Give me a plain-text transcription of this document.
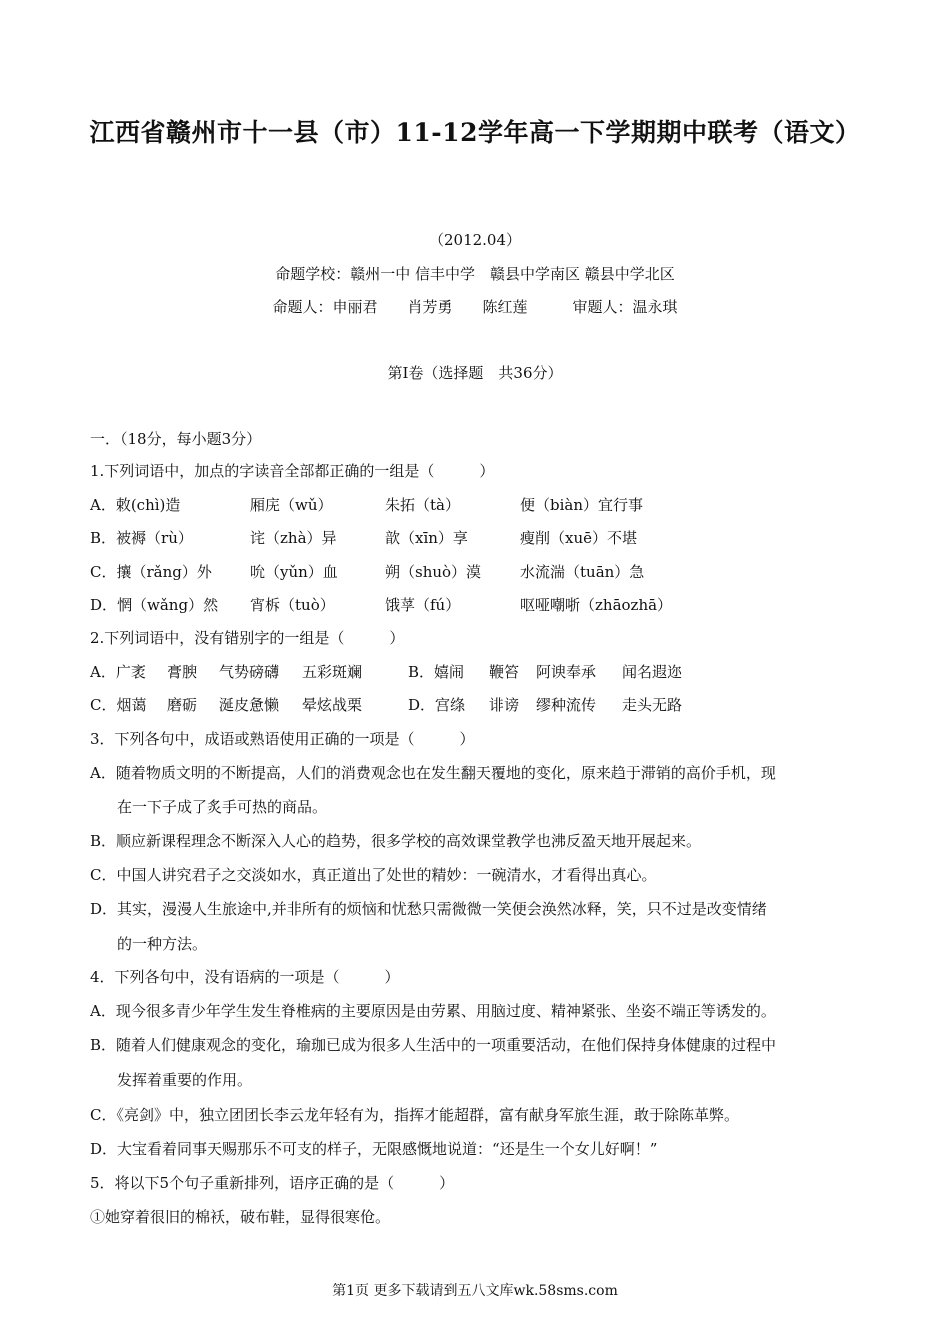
江西省赣州市十一县（市）11-12学年高一下学期期中联考（语文）
（2012.04）
命题学校：赣州一中 信丰中学　赣县中学南区 赣县中学北区
命题人：申丽君　　肖芳勇　　陈红莲　　　审题人：温永琪
第Ⅰ卷（选择题　共36分）
一．（18分，每小题3分）
1.下列词语中，加点的字读音全部都正确的一组是（　　　）
A．敕(chì)造	厢庑（wǔ）	朱拓（tà）	便（biàn）宜行事
B．被褥（rù）	诧（zhà）异	歆（xīn）享	瘦削（xuē）不堪
C．攘（rǎng）外	吮（yǔn）血	朔（shuò）漠	水流湍（tuān）急
D．惘（wǎng）然 宵柝（tuò）	饿莩（fú）	呕哑嘲哳（zhāozhā）
2.下列词语中，没有错别字的一组是（　　　）
A．广袤 膏腴 气势磅礴 五彩斑斓	B．嬉闹 鞭笞 阿谀奉承 闻名遐迩
C．烟蔼 磨砺 涎皮惫懒 晕炫战栗	D．宫绦 诽谤 缪种流传 走头无路
3．下列各句中，成语或熟语使用正确的一项是（　　　）
A．随着物质文明的不断提高，人们的消费观念也在发生翻天覆地的变化，原来趋于滞销的高价手机，现
在一下子成了炙手可热的商品。
B．顺应新课程理念不断深入人心的趋势，很多学校的高效课堂教学也沸反盈天地开展起来。
C．中国人讲究君子之交淡如水，真正道出了处世的精妙：一碗清水，才看得出真心。
D．其实，漫漫人生旅途中,并非所有的烦恼和忧愁只需微微一笑便会涣然冰释，笑，只不过是改变情绪
的一种方法。
4．下列各句中，没有语病的一项是（　　　）
A．现今很多青少年学生发生脊椎病的主要原因是由劳累、用脑过度、精神紧张、坐姿不端正等诱发的。
B．随着人们健康观念的变化，瑜珈已成为很多人生活中的一项重要活动，在他们保持身体健康的过程中
发挥着重要的作用。
C．《亮剑》中，独立团团长李云龙年轻有为，指挥才能超群，富有献身军旅生涯，敢于除陈革弊。
D．大宝看着同事天赐那乐不可支的样子，无限感慨地说道：“还是生一个女儿好啊！”
5．将以下5个句子重新排列，语序正确的是（　　　）
①她穿着很旧的棉袄，破布鞋，显得很寒伧。
第1页 更多下载请到五八文库wk.58sms.com
